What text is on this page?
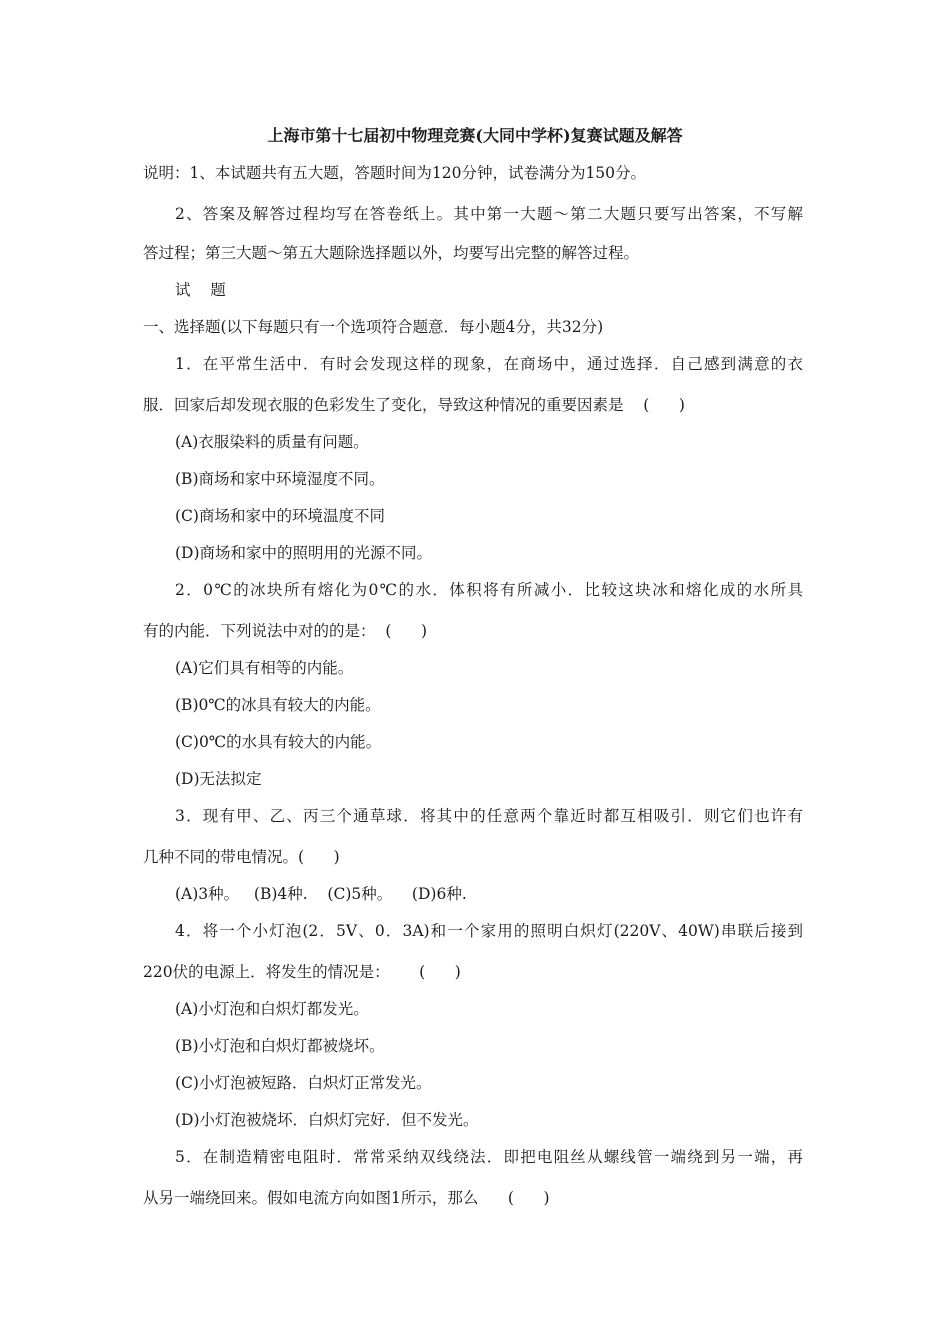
上海市第十七届初中物理竞赛(大同中学杯)复赛试题及解答
说明：1、本试题共有五大题，答题时间为120分钟，试卷满分为150分。
2、答案及解答过程均写在答卷纸上。其中第一大题～第二大题只要写出答案，不写解
答过程；第三大题～第五大题除选择题以外，均要写出完整的解答过程。
试    题
一、选择题(以下每题只有一个选项符合题意．每小题4分，共32分)
1．在平常生活中．有时会发现这样的现象，在商场中，通过选择．自己感到满意的衣
服．回家后却发现衣服的色彩发生了变化，导致这种情况的重要因素是    (      )
(A)衣服染料的质量有问题。
(B)商场和家中环境湿度不同。
(C)商场和家中的环境温度不同
(D)商场和家中的照明用的光源不同。
2．0℃的冰块所有熔化为0℃的水．体积将有所减小．比较这块冰和熔化成的水所具
有的内能．下列说法中对的的是：  (      )
(A)它们具有相等的内能。
(B)0℃的冰具有较大的内能。
(C)0℃的水具有较大的内能。
(D)无法拟定
3．现有甲、乙、丙三个通草球．将其中的任意两个靠近时都互相吸引．则它们也许有
几种不同的带电情况。(      )
(A)3种。   (B)4种.    (C)5种。    (D)6种.
4．将一个小灯泡(2．5V、0．3A)和一个家用的照明白炽灯(220V、40W)串联后接到
220伏的电源上．将发生的情况是：      (      )
(A)小灯泡和白炽灯都发光。
(B)小灯泡和白炽灯都被烧坏。
(C)小灯泡被短路．白炽灯正常发光。
(D)小灯泡被烧坏．白炽灯完好．但不发光。
5．在制造精密电阻时．常常采纳双线绕法．即把电阻丝从螺线管一端绕到另一端，再
从另一端绕回来。假如电流方向如图1所示，那么      (      )
